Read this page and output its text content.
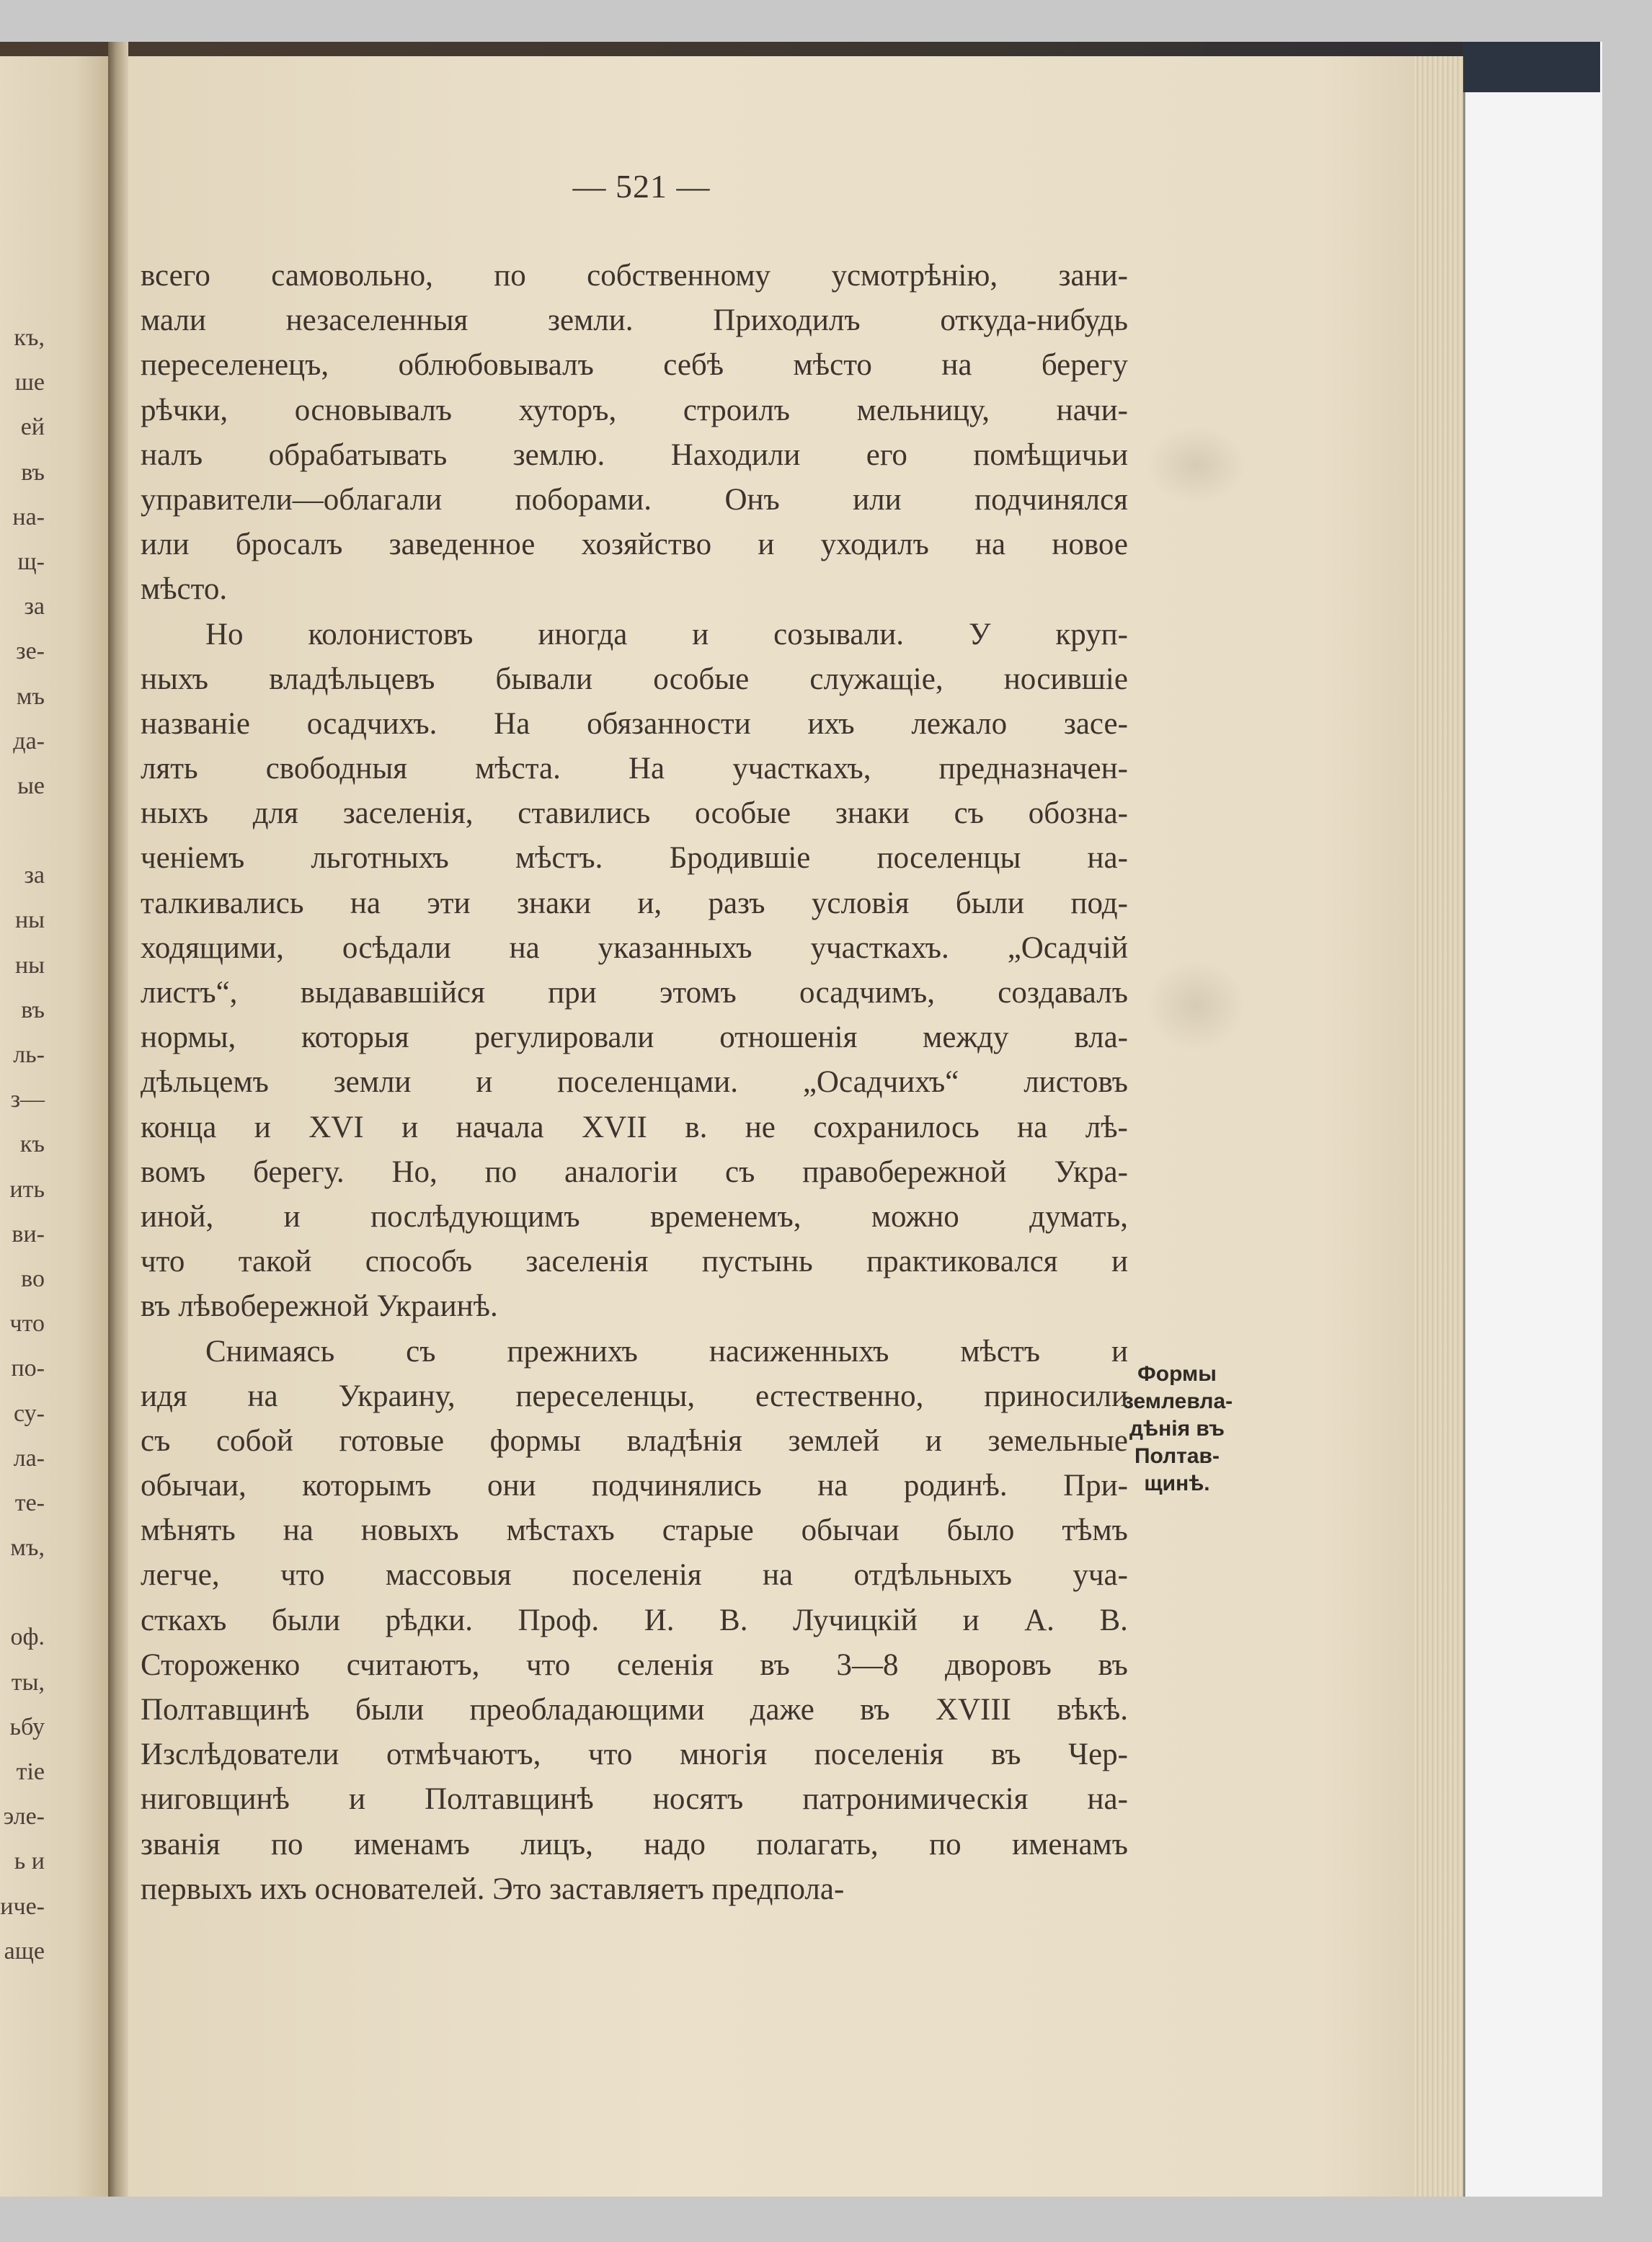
къ,
ше
ей
въ
на-
щ-
за
зе-
мъ
да-
ые
за
ны
ны
въ
ль-
з—
къ
ить
ви-
во
что
по-
су-
ла-
те-
мъ,
оф.
ты,
ьбу
тіе
эле-
ь и
иче-
аще
— 521 —
всего самовольно, по собственному усмотрѣнію, зани-
мали	незаселенныя	земли.	Приходилъ	откуда-нибудь
переселенецъ, облюбовывалъ себѣ мѣсто на берегу
рѣчки, основывалъ хуторъ, строилъ мельницу, начи-
налъ обрабатывать землю. Находили его помѣщичьи
управители—облагали поборами. Онъ или подчинялся
или бросалъ заведенное хозяйство и уходилъ на новое
мѣсто.
Но колонистовъ иногда и созывали. У круп-
ныхъ владѣльцевъ бывали особые служащіе, носившіе
названіе осадчихъ. На обязанности ихъ лежало засе-
лять свободныя мѣста. На участкахъ, предназначен-
ныхъ для заселенія, ставились особые знаки съ обозна-
ченіемъ льготныхъ мѣстъ. Бродившіе поселенцы на-
талкивались на эти знаки и, разъ условія были под-
ходящими, осѣдали на указанныхъ участкахъ. „Осадчій
листъ“, выдававшійся при этомъ осадчимъ, создавалъ
нормы, которыя регулировали отношенія между вла-
дѣльцемъ земли и поселенцами. „Осадчихъ“ листовъ
конца и XVI и начала XVII в. не сохранилось на лѣ-
вомъ берегу. Но, по аналогіи съ правобережной Укра-
иной, и послѣдующимъ временемъ, можно думать,
что такой способъ заселенія пустынь практиковался и
въ лѣвобережной Украинѣ.
Снимаясь съ прежнихъ насиженныхъ мѣстъ и
идя на Украину, переселенцы, естественно, приносили
съ собой готовые формы владѣнія землей и земельные
обычаи, которымъ они подчинялись на родинѣ. При-
мѣнять на новыхъ мѣстахъ старые обычаи было тѣмъ
легче, что массовыя поселенія на отдѣльныхъ уча-
сткахъ были рѣдки. Проф. И. В. Лучицкій и А. В.
Стороженко считаютъ, что селенія въ 3—8 дворовъ въ
Полтавщинѣ были преобладающими даже въ XVIII вѣкѣ.
Изслѣдователи отмѣчаютъ, что многія поселенія въ Чер-
ниговщинѣ и Полтавщинѣ носятъ патронимическія на-
званія по именамъ лицъ, надо полагать, по именамъ
первыхъ ихъ основателей. Это заставляетъ предпола-
Формы
землевла-
дѣнія въ
Полтав-
щинѣ.
